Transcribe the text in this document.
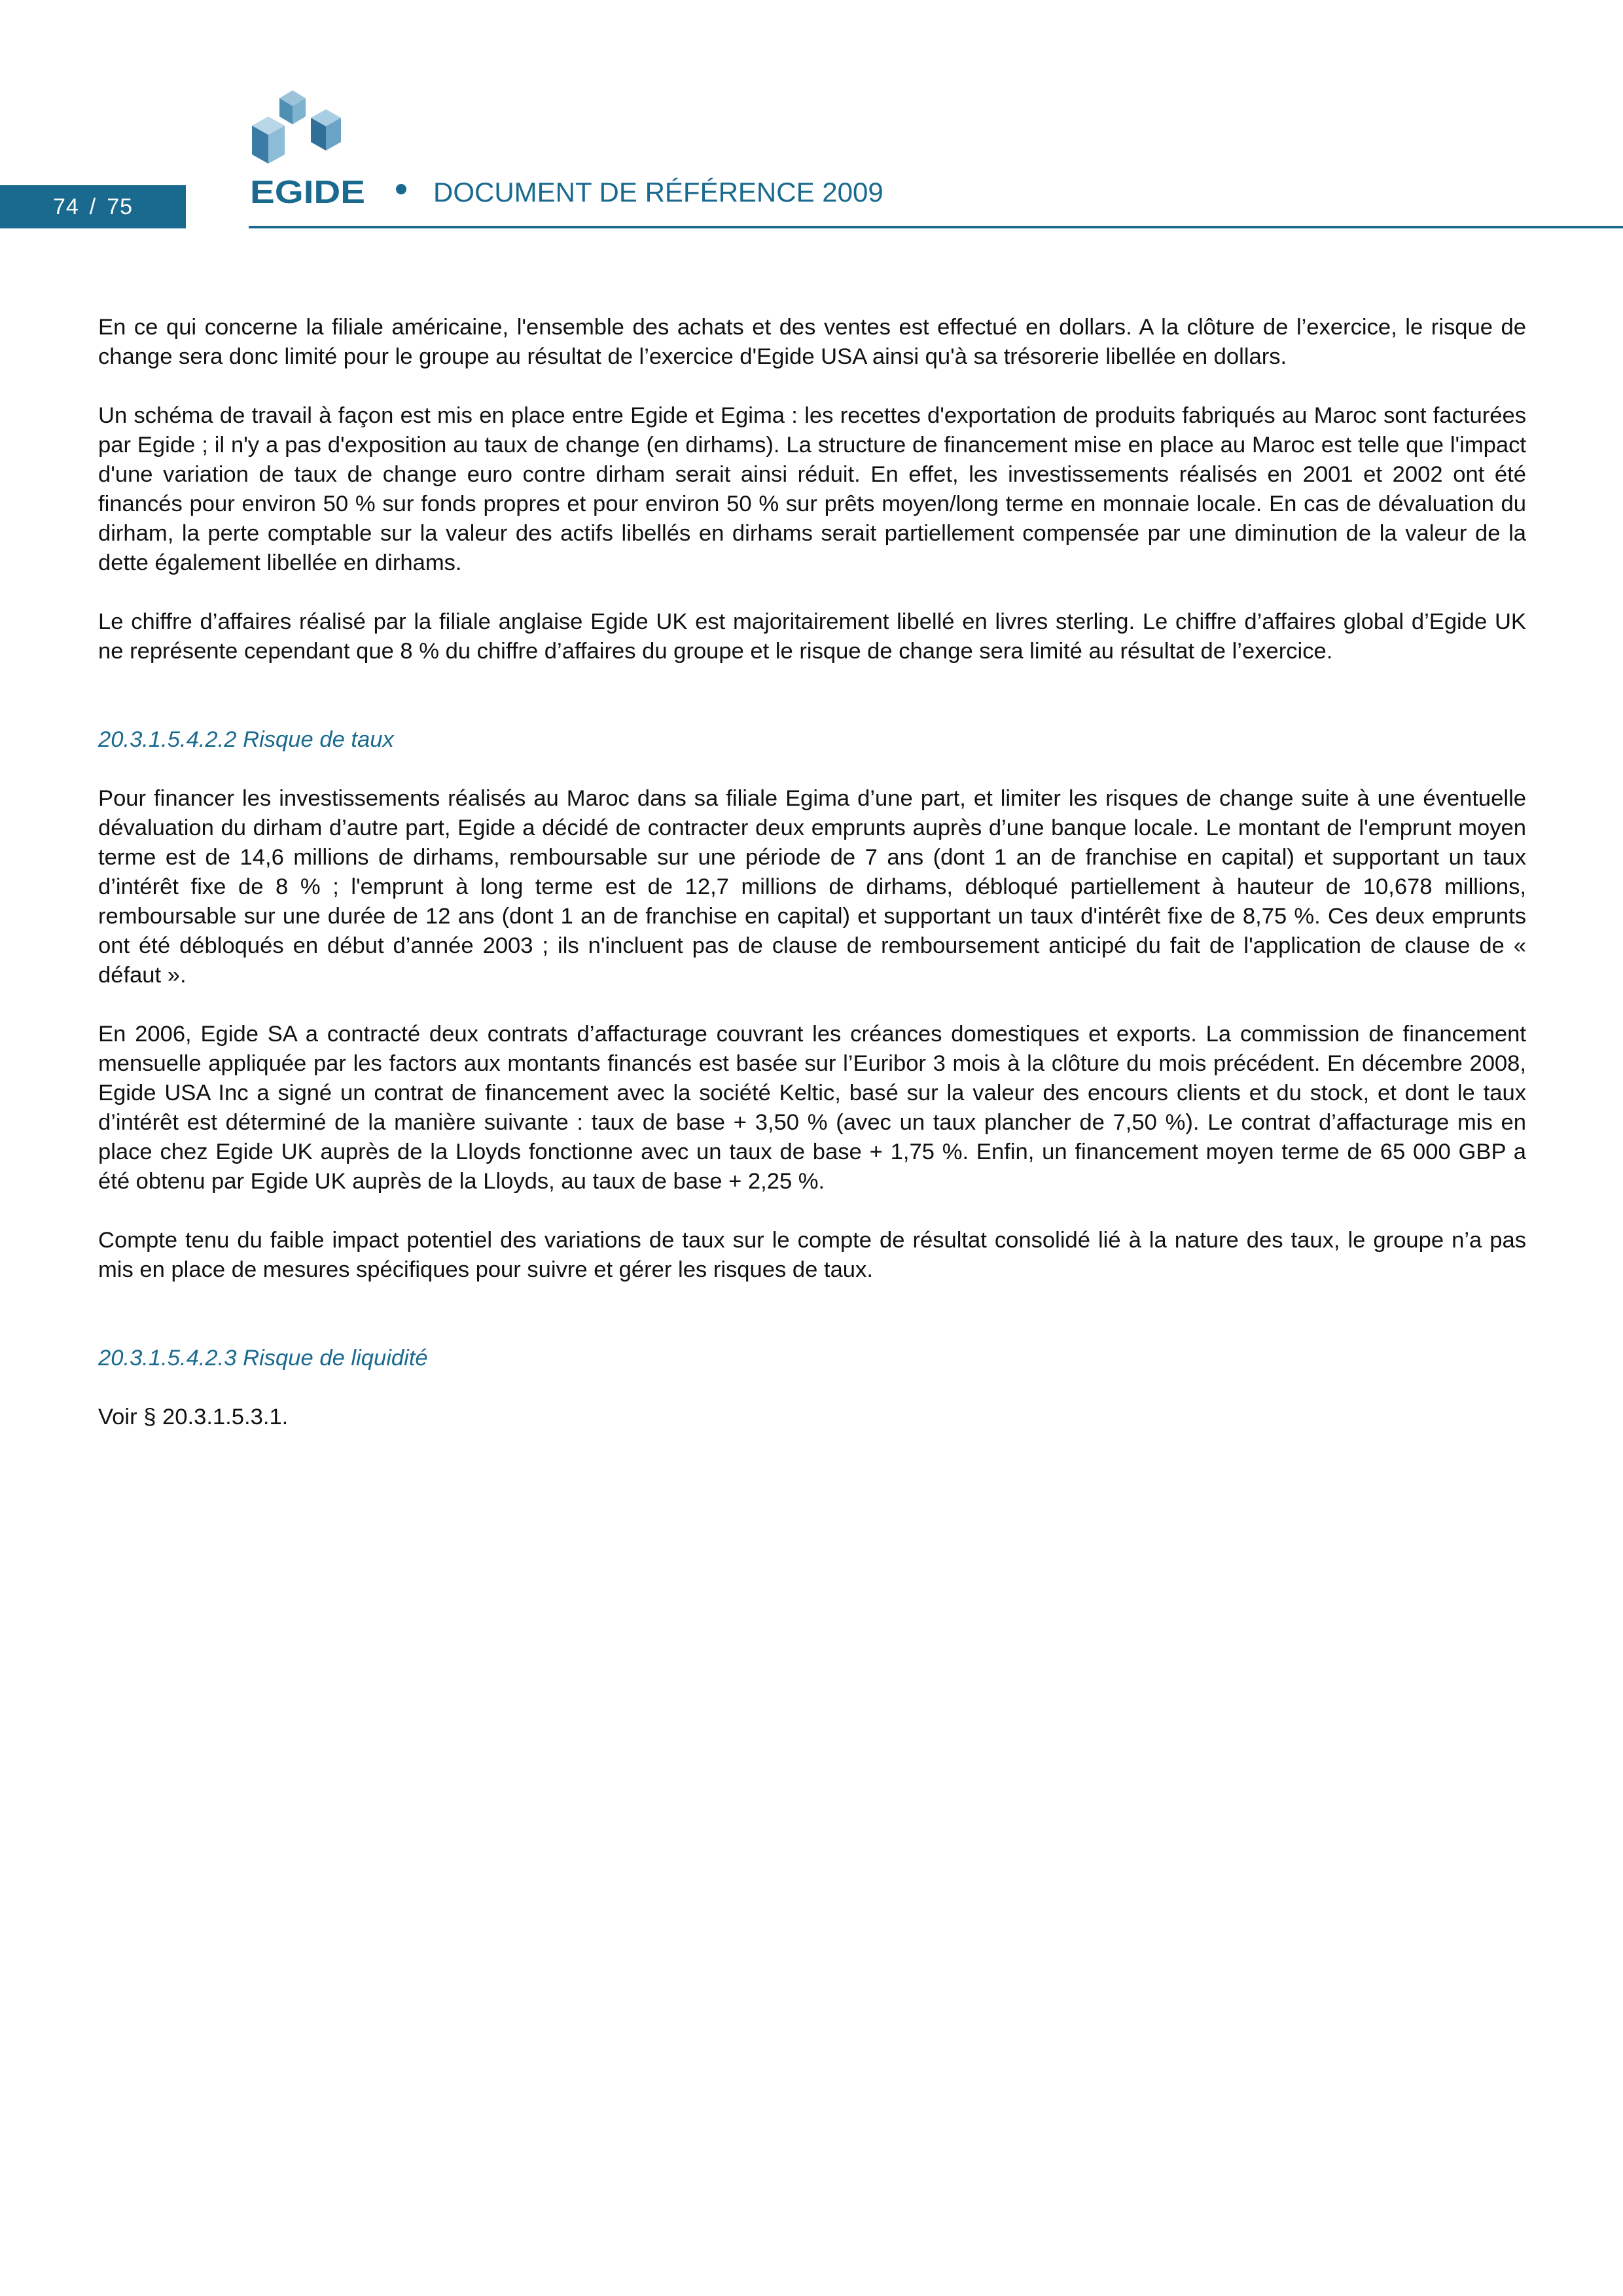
74 / 75	EGIDE DOCUMENT DE RÉFÉRENCE 2009

En ce qui concerne la filiale américaine, l'ensemble des achats et des ventes est effectué en dollars. A la clôture de l’exercice, le risque de change sera donc limité pour le groupe au résultat de l’exercice d'Egide USA ainsi qu'à sa trésorerie libellée en dollars.

Un schéma de travail à façon est mis en place entre Egide et Egima : les recettes d'exportation de produits fabriqués au Maroc sont facturées par Egide ; il n'y a pas d'exposition au taux de change (en dirhams). La structure de financement mise en place au Maroc est telle que l'impact d'une variation de taux de change euro contre dirham serait ainsi réduit. En effet, les investissements réalisés en 2001 et 2002 ont été financés pour environ 50 % sur fonds propres et pour environ 50 % sur prêts moyen/long terme en monnaie locale. En cas de dévaluation du dirham, la perte comptable sur la valeur des actifs libellés en dirhams serait partiellement compensée par une diminution de la valeur de la dette également libellée en dirhams.

Le chiffre d’affaires réalisé par la filiale anglaise Egide UK est majoritairement libellé en livres sterling. Le chiffre d’affaires global d’Egide UK ne représente cependant que 8 % du chiffre d’affaires du groupe et le risque de change sera limité au résultat de l’exercice.

20.3.1.5.4.2.2 Risque de taux

Pour financer les investissements réalisés au Maroc dans sa filiale Egima d’une part, et limiter les risques de change suite à une éventuelle dévaluation du dirham d’autre part, Egide a décidé de contracter deux emprunts auprès d’une banque locale. Le montant de l'emprunt moyen terme est de 14,6 millions de dirhams, remboursable sur une période de 7 ans (dont 1 an de franchise en capital) et supportant un taux d’intérêt fixe de 8 % ; l'emprunt à long terme est de 12,7 millions de dirhams, débloqué partiellement à hauteur de 10,678 millions, remboursable sur une durée de 12 ans (dont 1 an de franchise en capital) et supportant un taux d'intérêt fixe de 8,75 %. Ces deux emprunts ont été débloqués en début d’année 2003 ; ils n'incluent pas de clause de remboursement anticipé du fait de l'application de clause de « défaut ».

En 2006, Egide SA a contracté deux contrats d’affacturage couvrant les créances domestiques et exports. La commission de financement mensuelle appliquée par les factors aux montants financés est basée sur l’Euribor 3 mois à la clôture du mois précédent. En décembre 2008, Egide USA Inc a signé un contrat de financement avec la société Keltic, basé sur la valeur des encours clients et du stock, et dont le taux d’intérêt est déterminé de la manière suivante : taux de base + 3,50 % (avec un taux plancher de 7,50 %). Le contrat d’affacturage mis en place chez Egide UK auprès de la Lloyds fonctionne avec un taux de base + 1,75 %. Enfin, un financement moyen terme de 65 000 GBP a été obtenu par Egide UK auprès de la Lloyds, au taux de base + 2,25 %.

Compte tenu du faible impact potentiel des variations de taux sur le compte de résultat consolidé lié à la nature des taux, le groupe n’a pas mis en place de mesures spécifiques pour suivre et gérer les risques de taux.

20.3.1.5.4.2.3 Risque de liquidité

Voir § 20.3.1.5.3.1.
